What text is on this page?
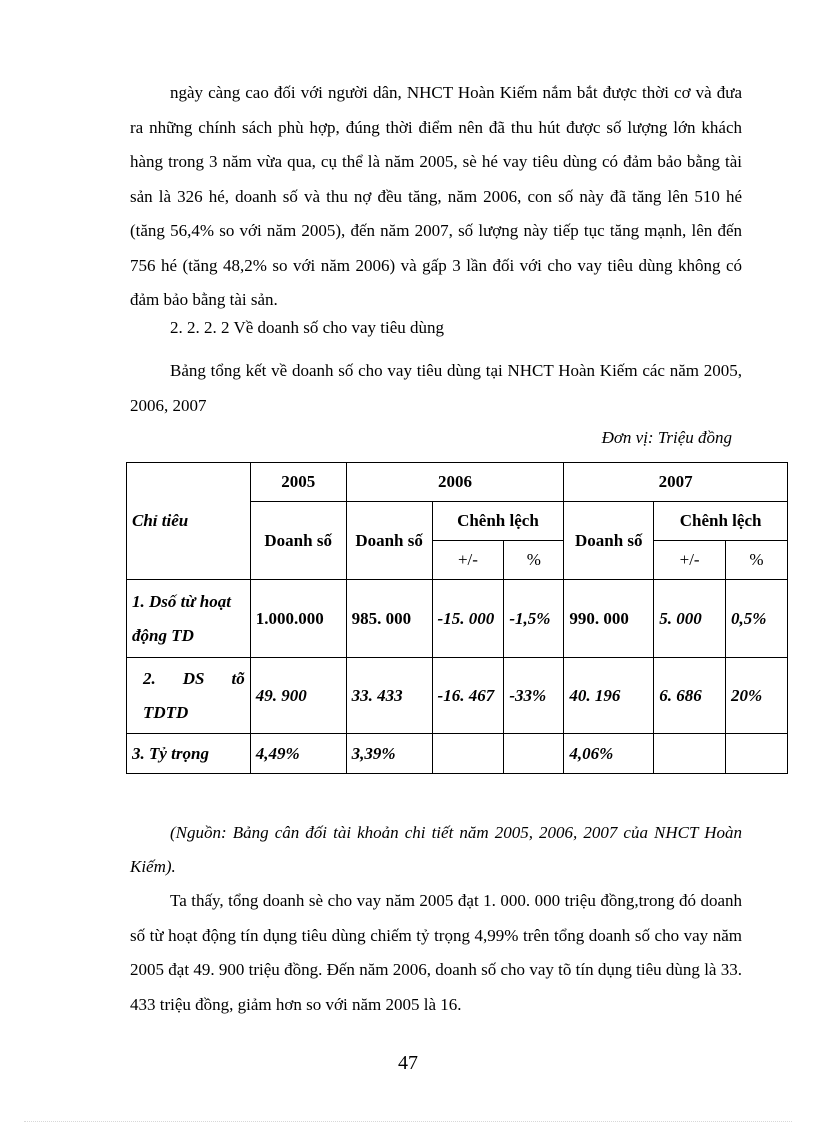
ngày càng cao đối với người dân, NHCT Hoàn Kiếm nắm bắt được thời cơ và đưa ra những chính sách phù hợp, đúng thời điểm nên đã thu hút được số lượng lớn khách hàng trong 3 năm vừa qua, cụ thể là năm 2005, sè hé vay tiêu dùng có đảm bảo bằng tài sản là 326 hé, doanh số và thu nợ đều tăng, năm 2006, con số này đã tăng lên 510 hé (tăng 56,4% so với năm 2005), đến năm 2007, số lượng này tiếp tục tăng mạnh, lên đến 756 hé (tăng 48,2% so với năm 2006) và gấp 3 lần đối với cho vay tiêu dùng không có đảm bảo bằng tài sản.

2. 2. 2. 2 Về doanh số cho vay tiêu dùng

Bảng tổng kết về doanh số cho vay tiêu dùng tại NHCT Hoàn Kiếm các năm 2005, 2006, 2007

Đơn vị: Triệu đồng

Chỉ tiêu	2005	2006			2007		
	Doanh số	Doanh số	Chênh lệch		Doanh số	Chênh lệch	
			+/-	%		+/-	%
1. Dsố từ hoạt động TD	1.000.000	985. 000	-15. 000	-1,5%	990. 000	5. 000	0,5%
2. DS tõ TDTD	49. 900	33. 433	-16. 467	-33%	40. 196	6. 686	20%
3. Tỷ trọng	4,49%	3,39%			4,06%		

(Nguồn: Bảng cân đối tài khoản chi tiết năm 2005, 2006, 2007 của NHCT Hoàn Kiếm).

Ta thấy, tổng doanh sè cho vay năm 2005 đạt 1. 000. 000 triệu đồng,trong đó doanh số từ hoạt động tín dụng tiêu dùng chiếm tỷ trọng 4,99% trên tổng doanh số cho vay năm 2005 đạt 49. 900 triệu đồng. Đến năm 2006, doanh số cho vay tõ tín dụng tiêu dùng là 33. 433 triệu đồng, giảm hơn so với năm 2005 là 16.

47
